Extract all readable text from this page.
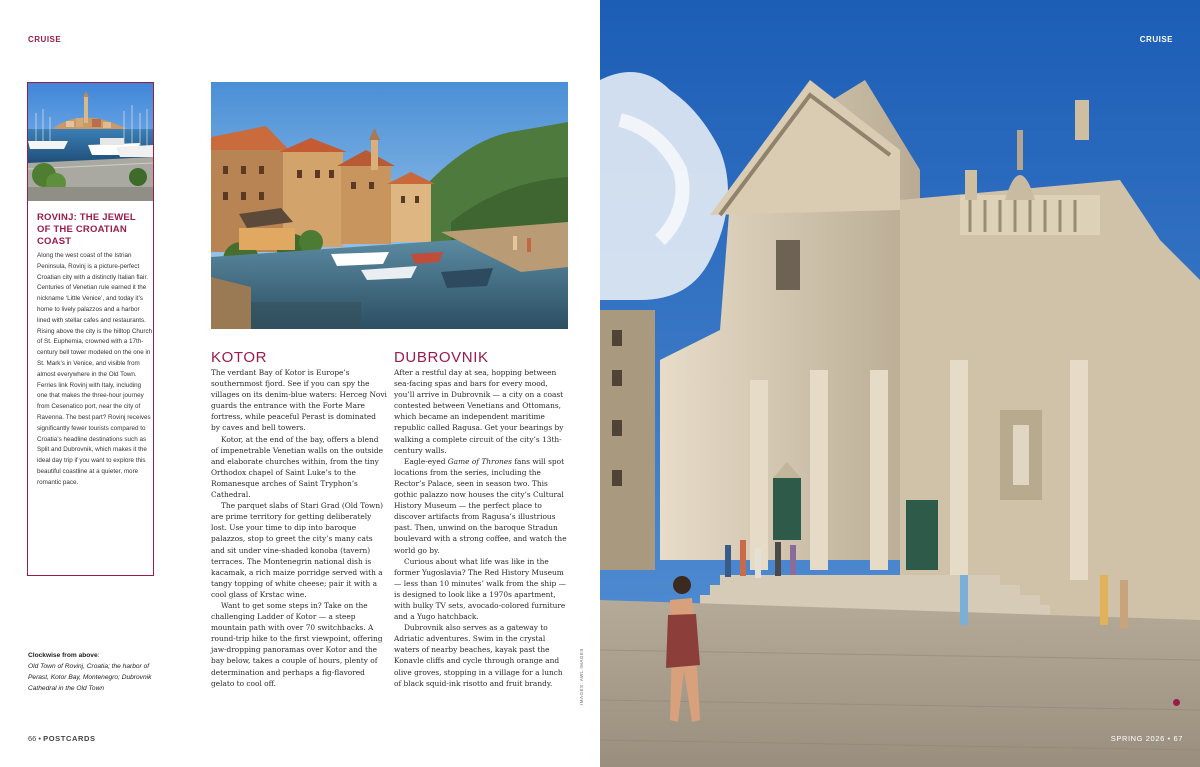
CRUISE
ROVINJ: THE JEWEL OF THE CROATIAN COAST
Along the west coast of the Istrian Peninsula, Rovinj is a picture-perfect Croatian city with a distinctly Italian flair. Centuries of Venetian rule earned it the nickname ‘Little Venice’, and today it’s home to lively palazzos and a harbor lined with stellar cafes and restaurants. Rising above the city is the hilltop Church of St. Euphemia, crowned with a 17th-century bell tower modeled on the one in St. Mark’s in Venice, and visible from almost everywhere in the Old Town. Ferries link Rovinj with Italy, including one that makes the three-hour journey from Cesenatico port, near the city of Ravenna. The best part? Rovinj receives significantly fewer tourists compared to Croatia’s headline destinations such as Split and Dubrovnik, which makes it the ideal day trip if you want to explore this beautiful coastline at a quieter, more romantic pace.
Clockwise from above:
Old Town of Rovinj, Croatia; the harbor of Perast, Kotor Bay, Montenegro; Dubrovnik Cathedral in the Old Town
KOTOR

The verdant Bay of Kotor is Europe’s southernmost fjord. See if you can spy the villages on its denim-blue waters: Herceg Novi guards the entrance with the Forte Mare fortress, while peaceful Perast is dominated by caves and bell towers.

Kotor, at the end of the bay, offers a blend of impenetrable Venetian walls on the outside and elaborate churches within, from the tiny Orthodox chapel of Saint Luke’s to the Romanesque arches of Saint Tryphon’s Cathedral.

The parquet slabs of Stari Grad (Old Town) are prime territory for getting deliberately lost. Use your time to dip into baroque palazzos, stop to greet the city’s many cats and sit under vine-shaded konoba (tavern) terraces. The Montenegrin national dish is kacamak, a rich maize porridge served with a tangy topping of white cheese; pair it with a cool glass of Krstac wine.

Want to get some steps in? Take on the challenging Ladder of Kotor — a steep mountain path with over 70 switchbacks. A round-trip hike to the first viewpoint, offering jaw-dropping panoramas over Kotor and the bay below, takes a couple of hours, plenty of determination and perhaps a fig-flavored gelato to cool off.

DUBROVNIK

After a restful day at sea, hopping between sea-facing spas and bars for every mood, you’ll arrive in Dubrovnik — a city on a coast contested between Venetians and Ottomans, which became an independent maritime republic called Ragusa. Get your bearings by walking a complete circuit of the city’s 13th-century walls.

Eagle-eyed Game of Thrones fans will spot locations from the series, including the Rector’s Palace, seen in season two. This gothic palazzo now houses the city’s Cultural History Museum — the perfect place to discover artifacts from Ragusa’s illustrious past. Then, unwind on the baroque Stradun boulevard with a strong coffee, and watch the world go by.

Curious about what life was like in the former Yugoslavia? The Red History Museum — less than 10 minutes’ walk from the ship — is designed to look like a 1970s apartment, with bulky TV sets, avocado-colored furniture and a Yugo hatchback.

Dubrovnik also serves as a gateway to Adriatic adventures. Swim in the crystal waters of nearby beaches, kayak past the Konavle cliffs and cycle through orange and olive groves, stopping in a village for a lunch of black squid-ink risotto and fruit brandy.	IMAGES: AWL IMAGES
66 • POSTCARDS
CRUISE
SPRING 2026 • 67
